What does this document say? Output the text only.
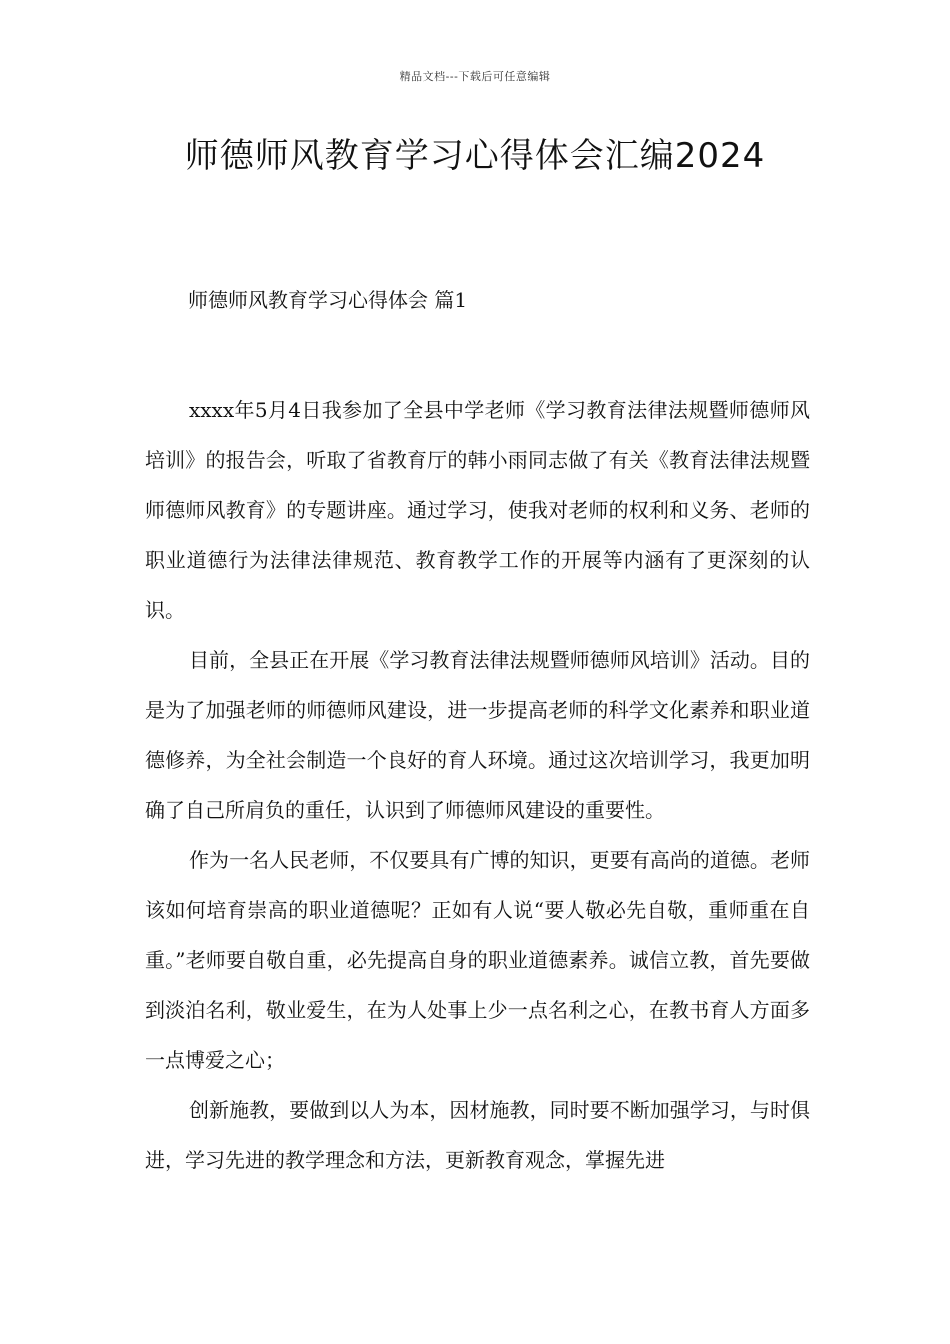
精品文档---下载后可任意编辑
师德师风教育学习心得体会汇编2024
师德师风教育学习心得体会 篇1

xxxx年5月4日我参加了全县中学老师《学习教育法律法规暨师德师风培训》的报告会，听取了省教育厅的韩小雨同志做了有关《教育法律法规暨师德师风教育》的专题讲座。通过学习，使我对老师的权利和义务、老师的职业道德行为法律法律规范、教育教学工作的开展等内涵有了更深刻的认识。

目前，全县正在开展《学习教育法律法规暨师德师风培训》活动。目的是为了加强老师的师德师风建设，进一步提高老师的科学文化素养和职业道德修养，为全社会制造一个良好的育人环境。通过这次培训学习，我更加明确了自己所肩负的重任，认识到了师德师风建设的重要性。

作为一名人民老师，不仅要具有广博的知识，更要有高尚的道德。老师该如何培育崇高的职业道德呢？正如有人说“要人敬必先自敬，重师重在自重。”老师要自敬自重，必先提高自身的职业道德素养。诚信立教，首先要做到淡泊名利，敬业爱生，在为人处事上少一点名利之心，在教书育人方面多一点博爱之心；

创新施教，要做到以人为本，因材施教，同时要不断加强学习，与时俱进，学习先进的教学理念和方法，更新教育观念，掌握先进
